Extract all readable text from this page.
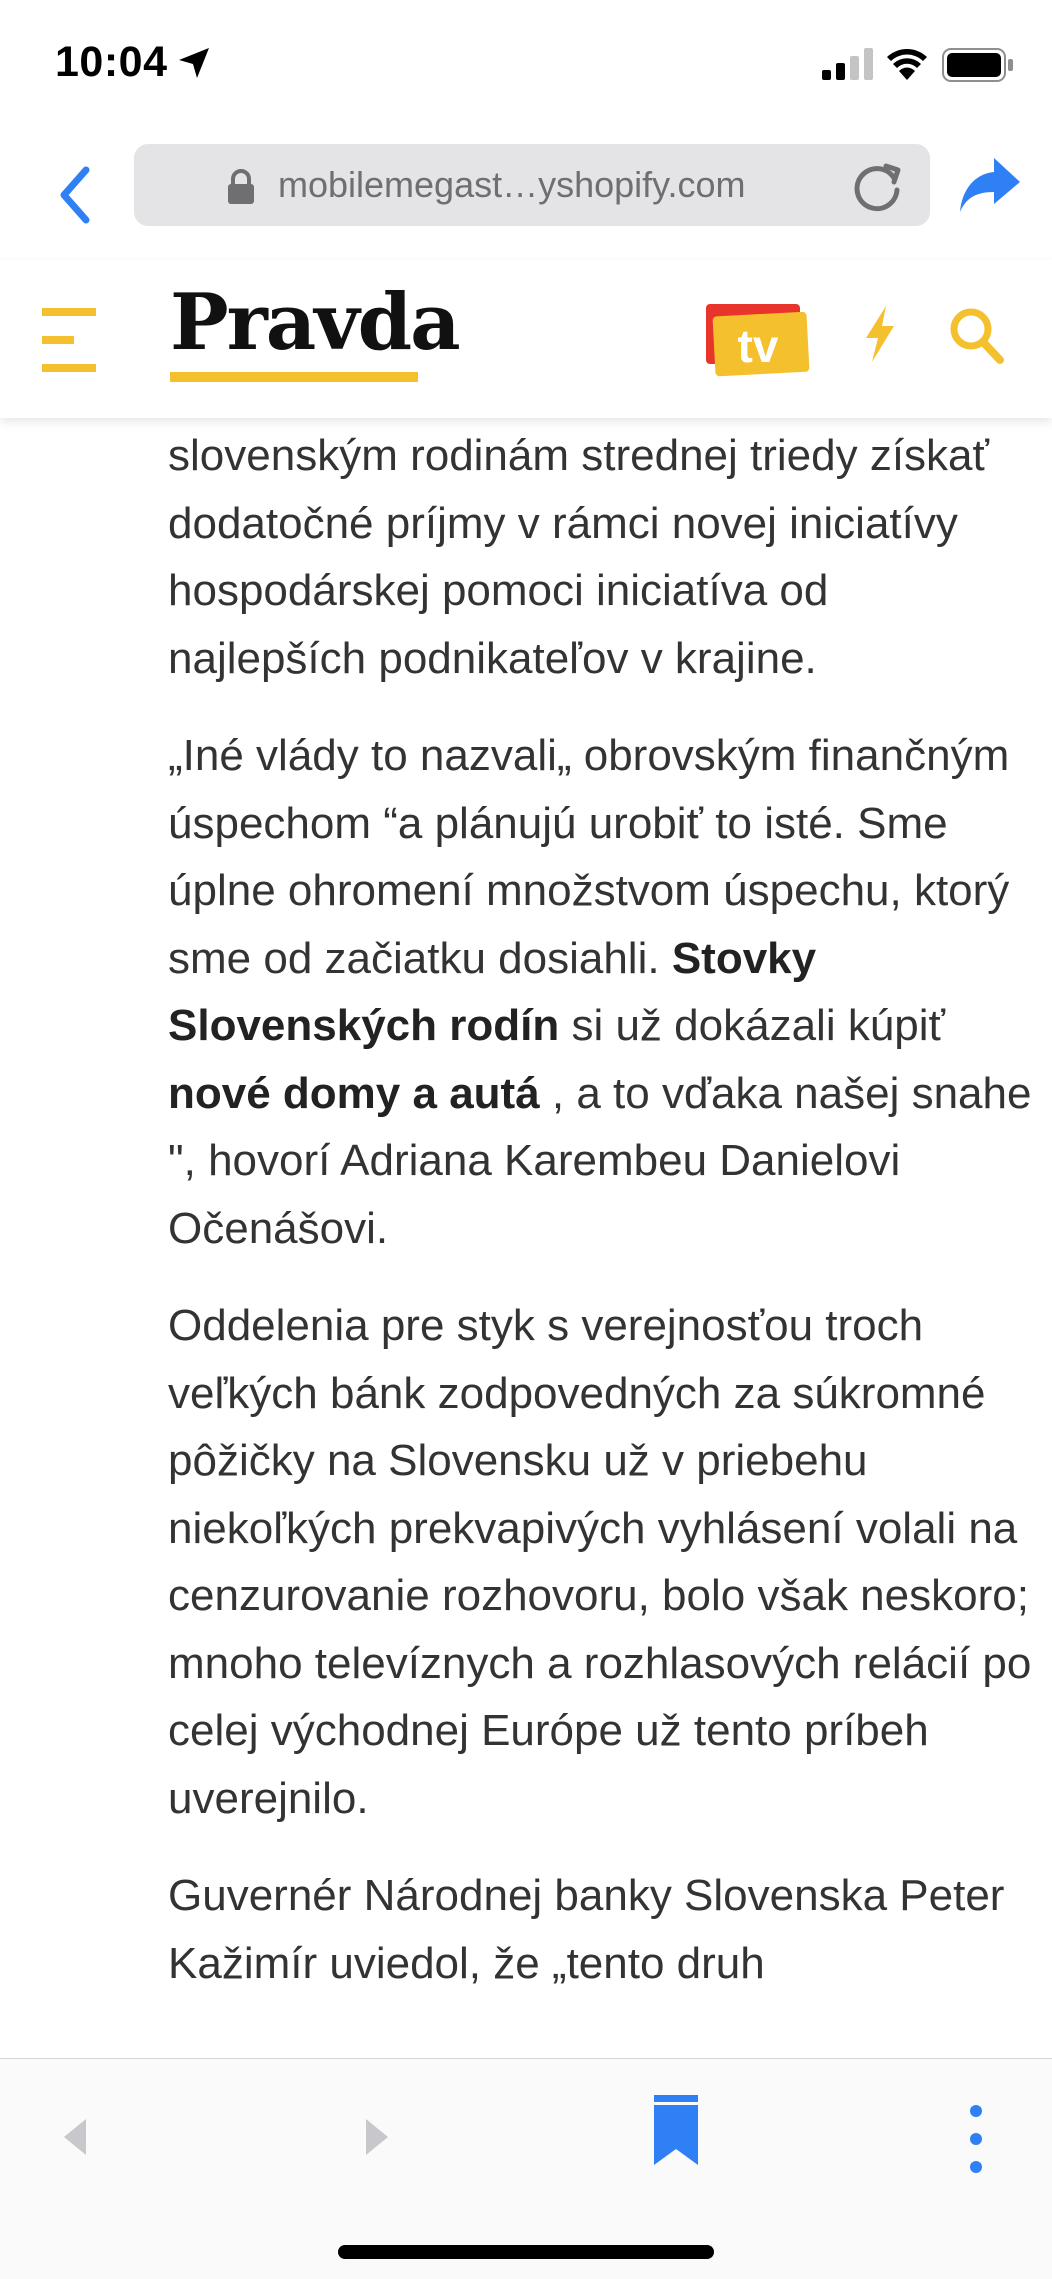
10:04
mobilemegast…yshopify.com
Pravda	tv

slovenským rodinám strednej triedy získať dodatočné príjmy v rámci novej iniciatívy hospodárskej pomoci iniciatíva od najlepších podnikateľov v krajine.

„Iné vlády to nazvali„ obrovským finančným úspechom “a plánujú urobiť to isté. Sme úplne ohromení množstvom úspechu, ktorý sme od začiatku dosiahli. Stovky Slovenských rodín si už dokázali kúpiť nové domy a autá , a to vďaka našej snahe ", hovorí Adriana Karembeu Danielovi Očenášovi.

Oddelenia pre styk s verejnosťou troch veľkých bánk zodpovedných za súkromné pôžičky na Slovensku už v priebehu niekoľkých prekvapivých vyhlásení volali na cenzurovanie rozhovoru, bolo však neskoro; mnoho televíznych a rozhlasových relácií po celej východnej Európe už tento príbeh uverejnilo.

Guvernér Národnej banky Slovenska Peter Kažimír uviedol, že „tento druh
